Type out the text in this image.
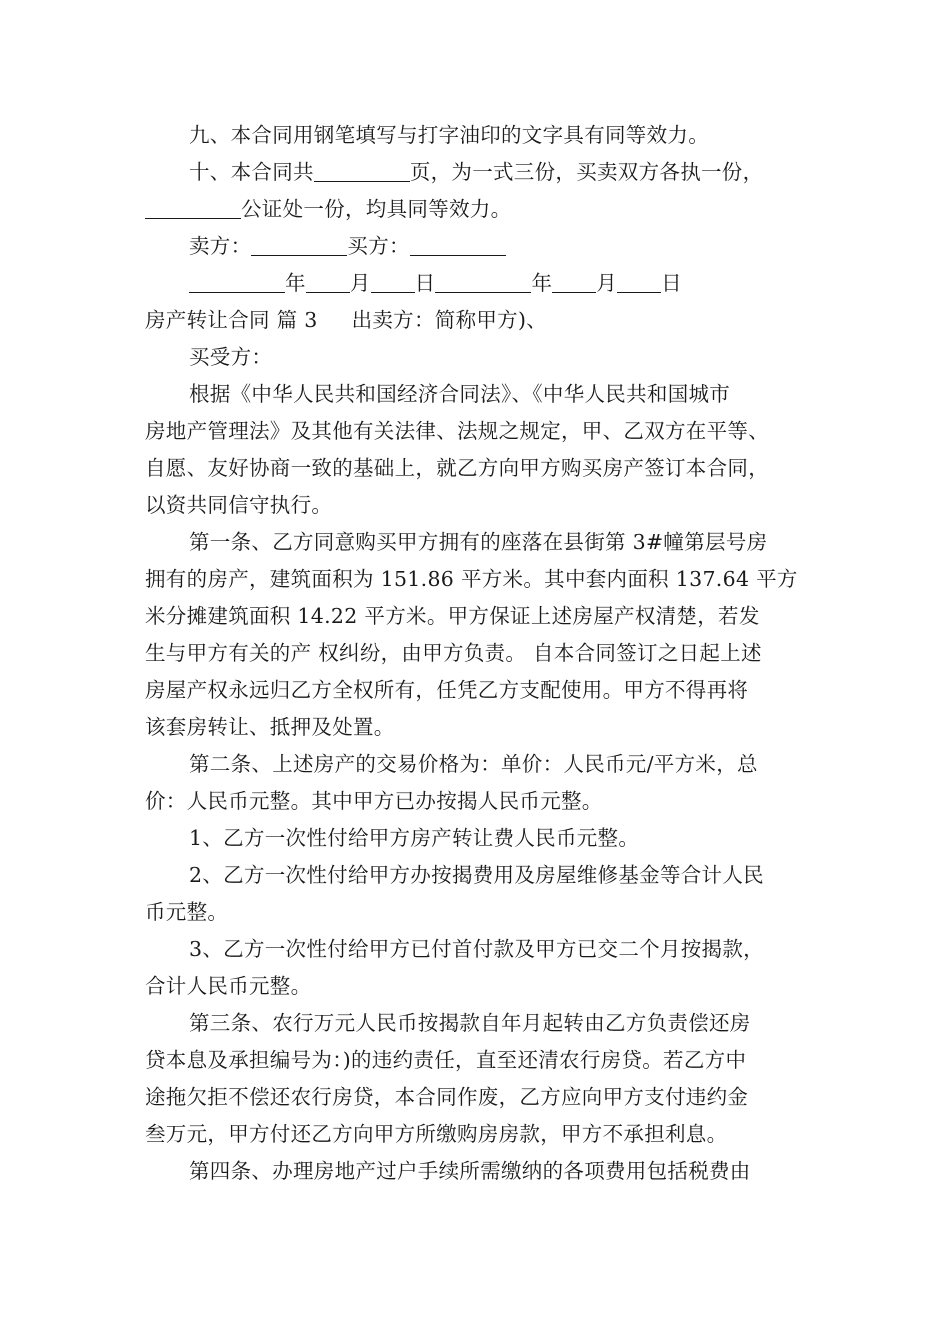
九、本合同用钢笔填写与打字油印的文字具有同等效力。
十、本合同共	页，为一式三份，买卖双方各执一份，
公证处一份，均具同等效力。
卖方：	买方：
年 月 日	年 月 日
房产转让合同 篇 3 出卖方：简称甲方)、
买受方：
根据《中华人民共和国经济合同法》、《中华人民共和国城市
房地产管理法》及其他有关法律、法规之规定，甲、乙双方在平等、
自愿、友好协商一致的基础上，就乙方向甲方购买房产签订本合同，
以资共同信守执行。
第一条、乙方同意购买甲方拥有的座落在县街第 3#幢第层号房
拥有的房产，建筑面积为 151.86 平方米。其中套内面积 137.64 平方
米分摊建筑面积 14.22 平方米。甲方保证上述房屋产权清楚，若发
生与甲方有关的产 权纠纷，由甲方负责。 自本合同签订之日起上述
房屋产权永远归乙方全权所有，任凭乙方支配使用。甲方不得再将
该套房转让、抵押及处置。
第二条、上述房产的交易价格为：单价：人民币元/平方米，总
价：人民币元整。其中甲方已办按揭人民币元整。
1、乙方一次性付给甲方房产转让费人民币元整。
2、乙方一次性付给甲方办按揭费用及房屋维修基金等合计人民
币元整。
3、乙方一次性付给甲方已付首付款及甲方已交二个月按揭款，
合计人民币元整。
第三条、农行万元人民币按揭款自年月起转由乙方负责偿还房
贷本息及承担编号为：)的违约责任，直至还清农行房贷。若乙方中
途拖欠拒不偿还农行房贷，本合同作废，乙方应向甲方支付违约金
叁万元，甲方付还乙方向甲方所缴购房房款，甲方不承担利息。
第四条、办理房地产过户手续所需缴纳的各项费用包括税费由
